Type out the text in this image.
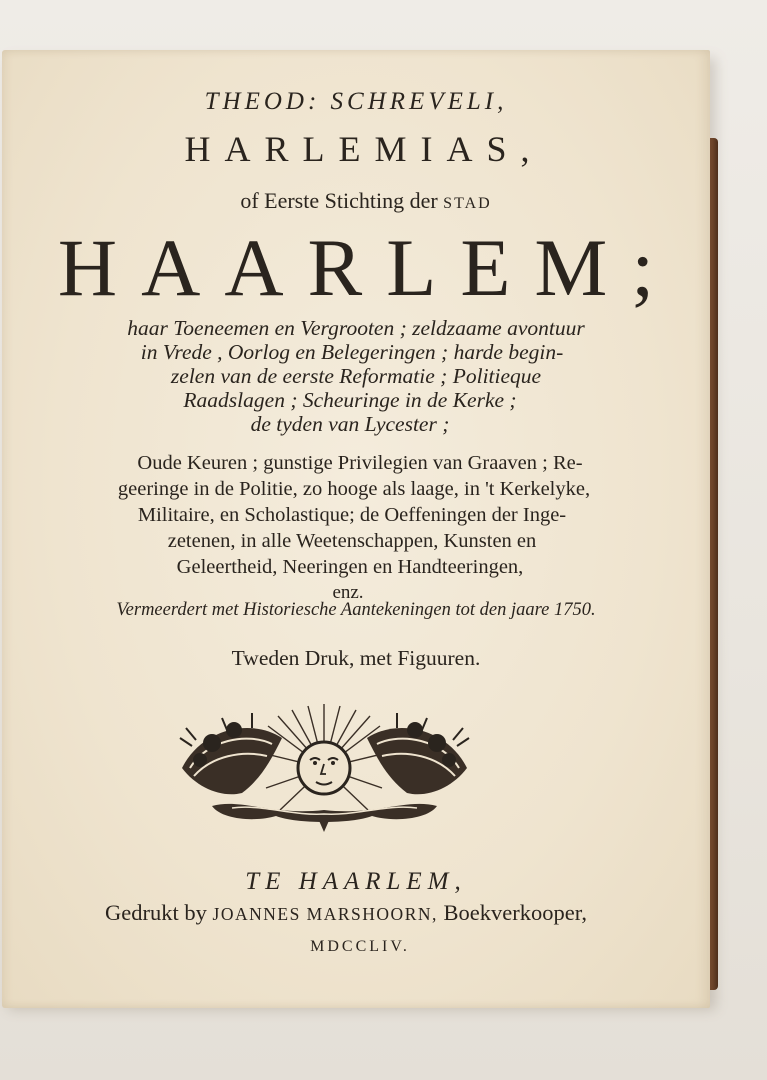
THEOD: SCHREVELI,
HARLEMIAS,
of Eerste Stichting der STAD
HAARLEM;
haar Toeneemen en Vergrooten ; zeldzaame avontuur
in Vrede , Oorlog en Belegeringen ; harde begin-
zelen van de eerste Reformatie ; Politieque
Raadslagen ; Scheuringe in de Kerke ;
de tyden van Lycester ;
Oude Keuren ; gunstige Privilegien van Graaven ; Re-
geeringe in de Politie, zo hooge als laage, in 't Kerkelyke,
Militaire, en Scholastique; de Oeffeningen der Inge-
zetenen, in alle Weetenschappen, Kunsten en
Geleertheid, Neeringen en Handteeringen,
enz.
Vermeerdert met Historiesche Aantekeningen tot den jaare 1750.
Tweden Druk, met Figuuren.
TE HAARLEM,
Gedrukt by JOANNES MARSHOORN, Boekverkooper,
MDCCLIV.
